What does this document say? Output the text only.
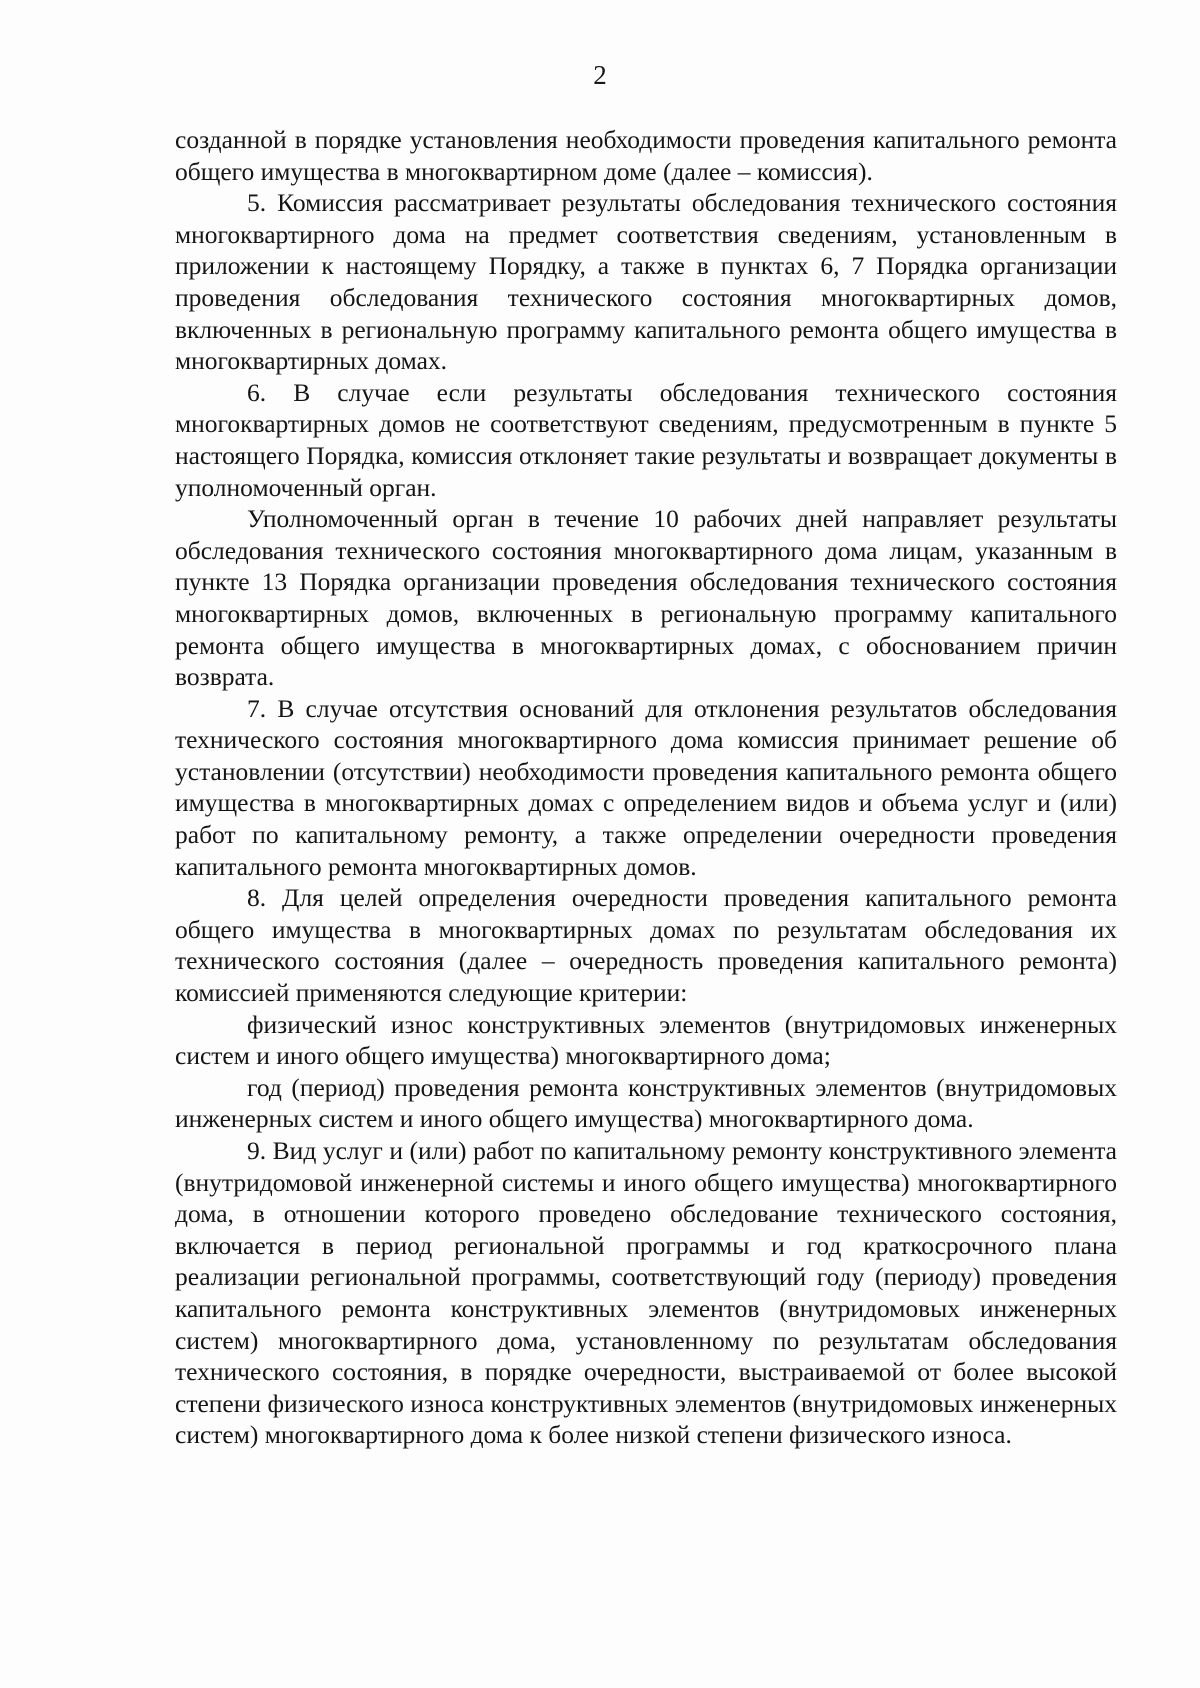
2

созданной в порядке установления необходимости проведения капитального ремонта общего имущества в многоквартирном доме (далее – комиссия).

5. Комиссия рассматривает результаты обследования технического состояния многоквартирного дома на предмет соответствия сведениям, установленным в приложении к настоящему Порядку, а также в пунктах 6, 7 Порядка организации проведения обследования технического состояния многоквартирных домов, включенных в региональную программу капитального ремонта общего имущества в многоквартирных домах.

6. В случае если результаты обследования технического состояния многоквартирных домов не соответствуют сведениям, предусмотренным в пункте 5 настоящего Порядка, комиссия отклоняет такие результаты и возвращает документы в уполномоченный орган.

Уполномоченный орган в течение 10 рабочих дней направляет результаты обследования технического состояния многоквартирного дома лицам, указанным в пункте 13 Порядка организации проведения обследования технического состояния многоквартирных домов, включенных в региональную программу капитального ремонта общего имущества в многоквартирных домах, с обоснованием причин возврата.

7. В случае отсутствия оснований для отклонения результатов обследования технического состояния многоквартирного дома комиссия принимает решение об установлении (отсутствии) необходимости проведения капитального ремонта общего имущества в многоквартирных домах с определением видов и объема услуг и (или) работ по капитальному ремонту, а также определении очередности проведения капитального ремонта многоквартирных домов.

8. Для целей определения очередности проведения капитального ремонта общего имущества в многоквартирных домах по результатам обследования их технического состояния (далее – очередность проведения капитального ремонта) комиссией применяются следующие критерии:

физический износ конструктивных элементов (внутридомовых инженерных систем и иного общего имущества) многоквартирного дома;

год (период) проведения ремонта конструктивных элементов (внутридомовых инженерных систем и иного общего имущества) многоквартирного дома.

9. Вид услуг и (или) работ по капитальному ремонту конструктивного элемента (внутридомовой инженерной системы и иного общего имущества) многоквартирного дома, в отношении которого проведено обследование технического состояния, включается в период региональной программы и год краткосрочного плана реализации региональной программы, соответствующий году (периоду) проведения капитального ремонта конструктивных элементов (внутридомовых инженерных систем) многоквартирного дома, установленному по результатам обследования технического состояния, в порядке очередности, выстраиваемой от более высокой степени физического износа конструктивных элементов (внутридомовых инженерных систем) многоквартирного дома к более низкой степени физического износа.
